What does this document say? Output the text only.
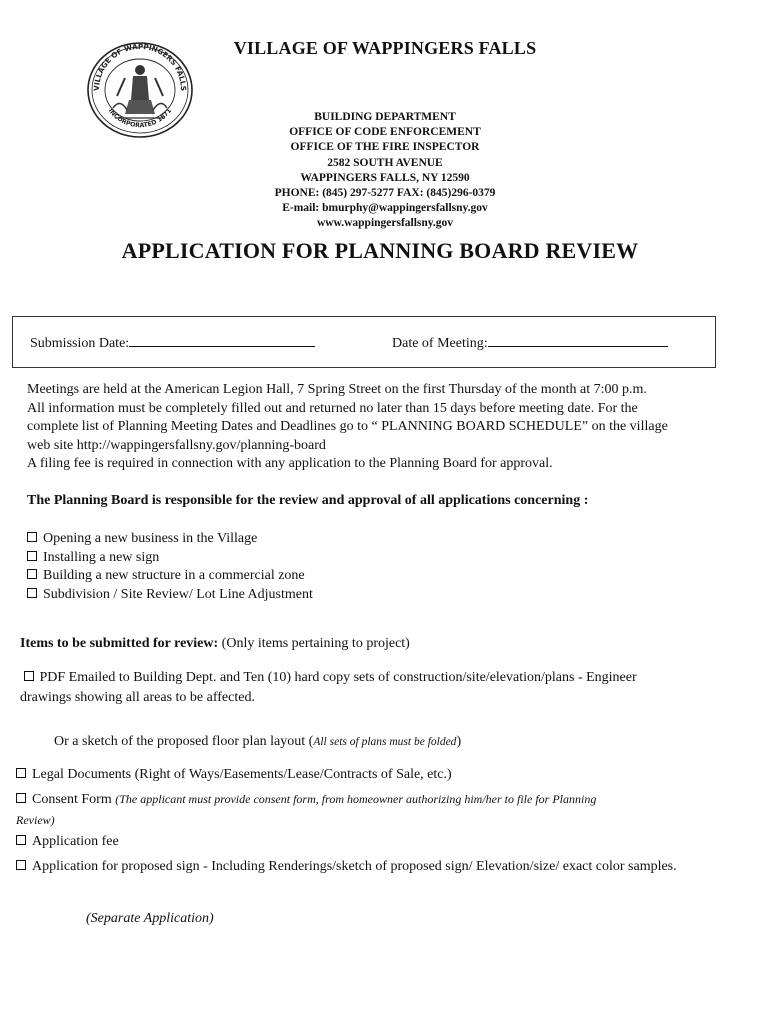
VILLAGE OF WAPPINGERS FALLS
INCORPORATED 1871
VILLAGE OF WAPPINGERS FALLS
BUILDING DEPARTMENT
OFFICE OF CODE ENFORCEMENT
OFFICE OF THE FIRE INSPECTOR
2582 SOUTH AVENUE
WAPPINGERS FALLS, NY 12590
PHONE: (845) 297-5277 FAX: (845)296-0379
E-mail: bmurphy@wappingersfallsny.gov
www.wappingersfallsny.gov
APPLICATION FOR PLANNING BOARD REVIEW
Submission Date:	Date of Meeting:
Meetings are held at the American Legion Hall, 7 Spring Street on the first Thursday of the month at 7:00 p.m.
All information must be completely filled out and returned no later than 15 days before meeting date. For the
complete list of Planning Meeting Dates and Deadlines go to “ PLANNING BOARD SCHEDULE” on the village
web site http://wappingersfallsny.gov/planning-board
A filing fee is required in connection with any application to the Planning Board for approval.
The Planning Board is responsible for the review and approval of all applications concerning :
Opening a new business in the Village
Installing a new sign
Building a new structure in a commercial zone
Subdivision / Site Review/ Lot Line Adjustment
Items to be submitted for review: (Only items pertaining to project)
PDF Emailed to Building Dept. and Ten (10) hard copy sets of construction/site/elevation/plans - Engineer
drawings showing all areas to be affected.
Or a sketch of the proposed floor plan layout (All sets of plans must be folded)
Legal Documents (Right of Ways/Easements/Lease/Contracts of Sale, etc.)
Consent Form (The applicant must provide consent form, from homeowner authorizing him/her to file for Planning
Review)
Application fee
Application for proposed sign - Including Renderings/sketch of proposed sign/ Elevation/size/ exact color samples.
(Separate Application)
